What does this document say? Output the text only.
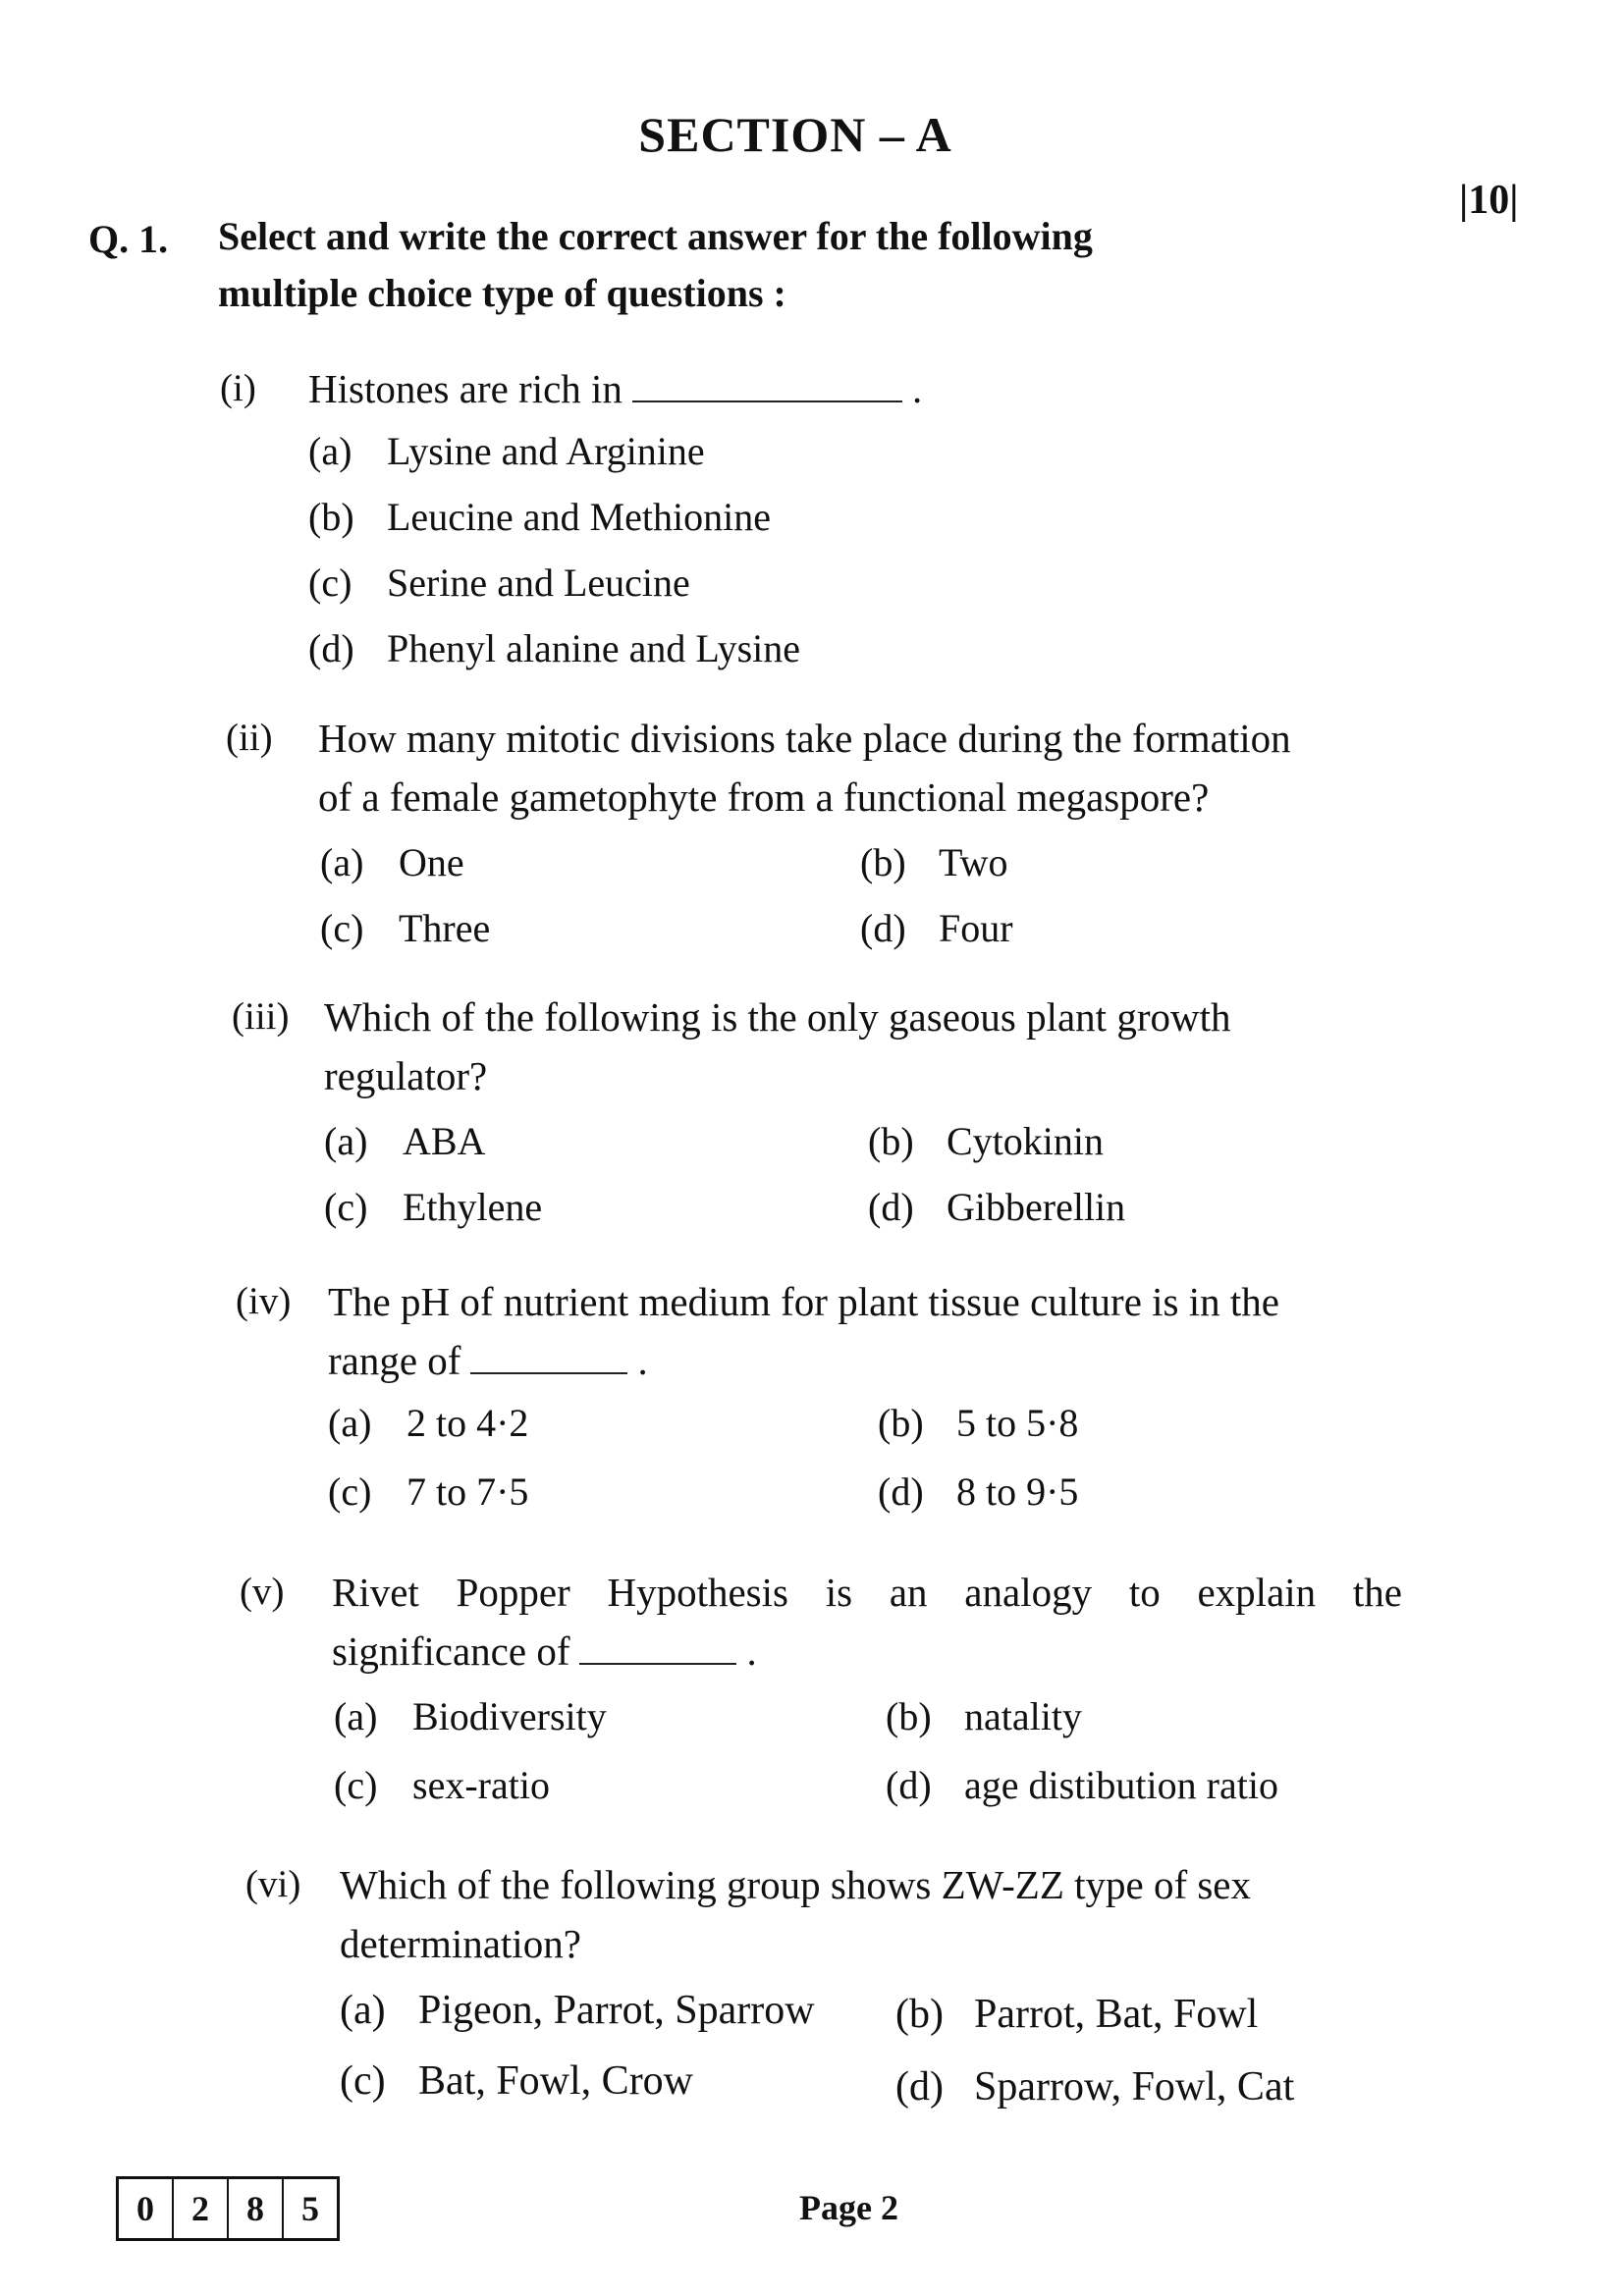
SECTION – A
|10|
Q. 1. Select and write the correct answer for the following
multiple choice type of questions :
(i) Histones are rich in	.
(a) Lysine and Arginine
(b) Leucine and Methionine
(c) Serine and Leucine
(d) Phenyl alanine and Lysine
(ii) How many mitotic divisions take place during the formation
of a female gametophyte from a functional megaspore?
(a) One	(b) Two
(c) Three	(d) Four
(iii) Which of the following is the only gaseous plant growth
regulator?
(a) ABA	(b) Cytokinin
(c) Ethylene	(d) Gibberellin
(iv) The pH of nutrient medium for plant tissue culture is in the
range of	.
(a) 2 to 4·2	(b) 5 to 5·8
(c) 7 to 7·5	(d) 8 to 9·5
(v) Rivet Popper Hypothesis is an analogy to explain the
significance of	.
(a) Biodiversity	(b) natality
(c) sex-ratio	(d) age distibution ratio
(vi) Which of the following group shows ZW-ZZ type of sex
determination?
(a) Pigeon, Parrot, Sparrow (b) Parrot, Bat, Fowl
(c) Bat, Fowl, Crow	(d) Sparrow, Fowl, Cat
0	2	8	5	Page 2
